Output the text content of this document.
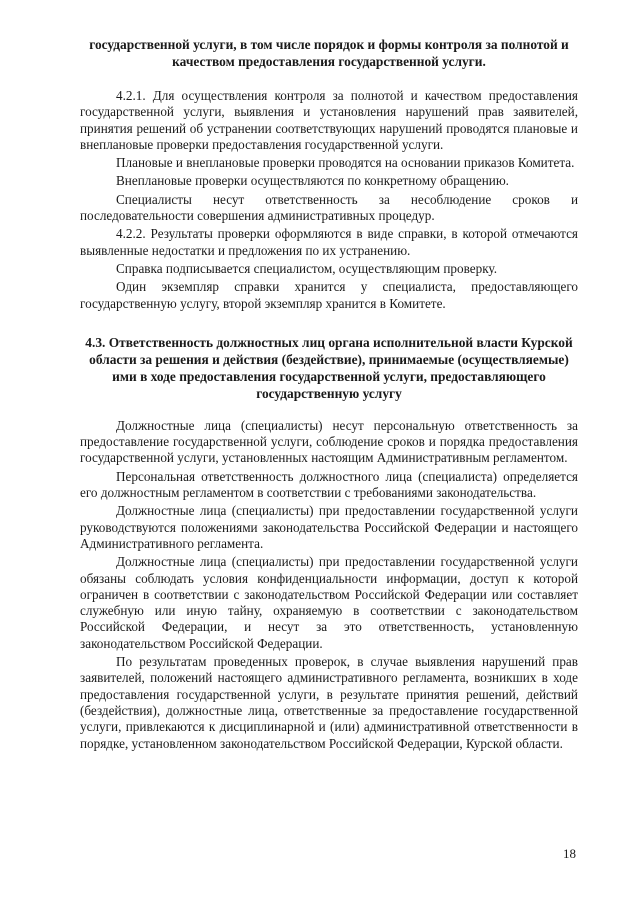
государственной услуги, в том числе порядок и формы контроля за полнотой и качеством предоставления государственной услуги.

4.2.1. Для осуществления контроля за полнотой и качеством предоставления государственной услуги, выявления и установления нарушений прав заявителей, принятия решений об устранении соответствующих нарушений проводятся плановые и внеплановые проверки предоставления государственной услуги.

Плановые и внеплановые проверки проводятся на основании приказов Комитета.

Внеплановые проверки осуществляются по конкретному обращению.

Специалисты несут ответственность за несоблюдение сроков и последовательности совершения административных процедур.

4.2.2. Результаты проверки оформляются в виде справки, в которой отмечаются выявленные недостатки и предложения по их устранению.

Справка подписывается специалистом, осуществляющим проверку.

Один экземпляр справки хранится у специалиста, предоставляющего государственную услугу, второй экземпляр хранится в Комитете.

4.3. Ответственность должностных лиц органа исполнительной власти Курской области за решения и действия (бездействие), принимаемые (осуществляемые) ими в ходе предоставления государственной услуги, предоставляющего государственную услугу

Должностные лица (специалисты) несут персональную ответственность за предоставление государственной услуги, соблюдение сроков и порядка предоставления государственной услуги, установленных настоящим Административным регламентом.

Персональная ответственность должностного лица (специалиста) определяется его должностным регламентом в соответствии с требованиями законодательства.

Должностные лица (специалисты) при предоставлении государственной услуги руководствуются положениями законодательства Российской Федерации и настоящего Административного регламента.

Должностные лица (специалисты) при предоставлении государственной услуги обязаны соблюдать условия конфиденциальности информации, доступ к которой ограничен в соответствии с законодательством Российской Федерации или составляет служебную или иную тайну, охраняемую в соответствии с законодательством Российской Федерации, и несут за это ответственность, установленную законодательством Российской Федерации.

По результатам проведенных проверок, в случае выявления нарушений прав заявителей, положений настоящего административного регламента, возникших в ходе предоставления государственной услуги, в результате принятия решений, действий (бездействия), должностные лица, ответственные за предоставление государственной услуги, привлекаются к дисциплинарной и (или) административной ответственности в порядке, установленном законодательством Российской Федерации, Курской области.

18
